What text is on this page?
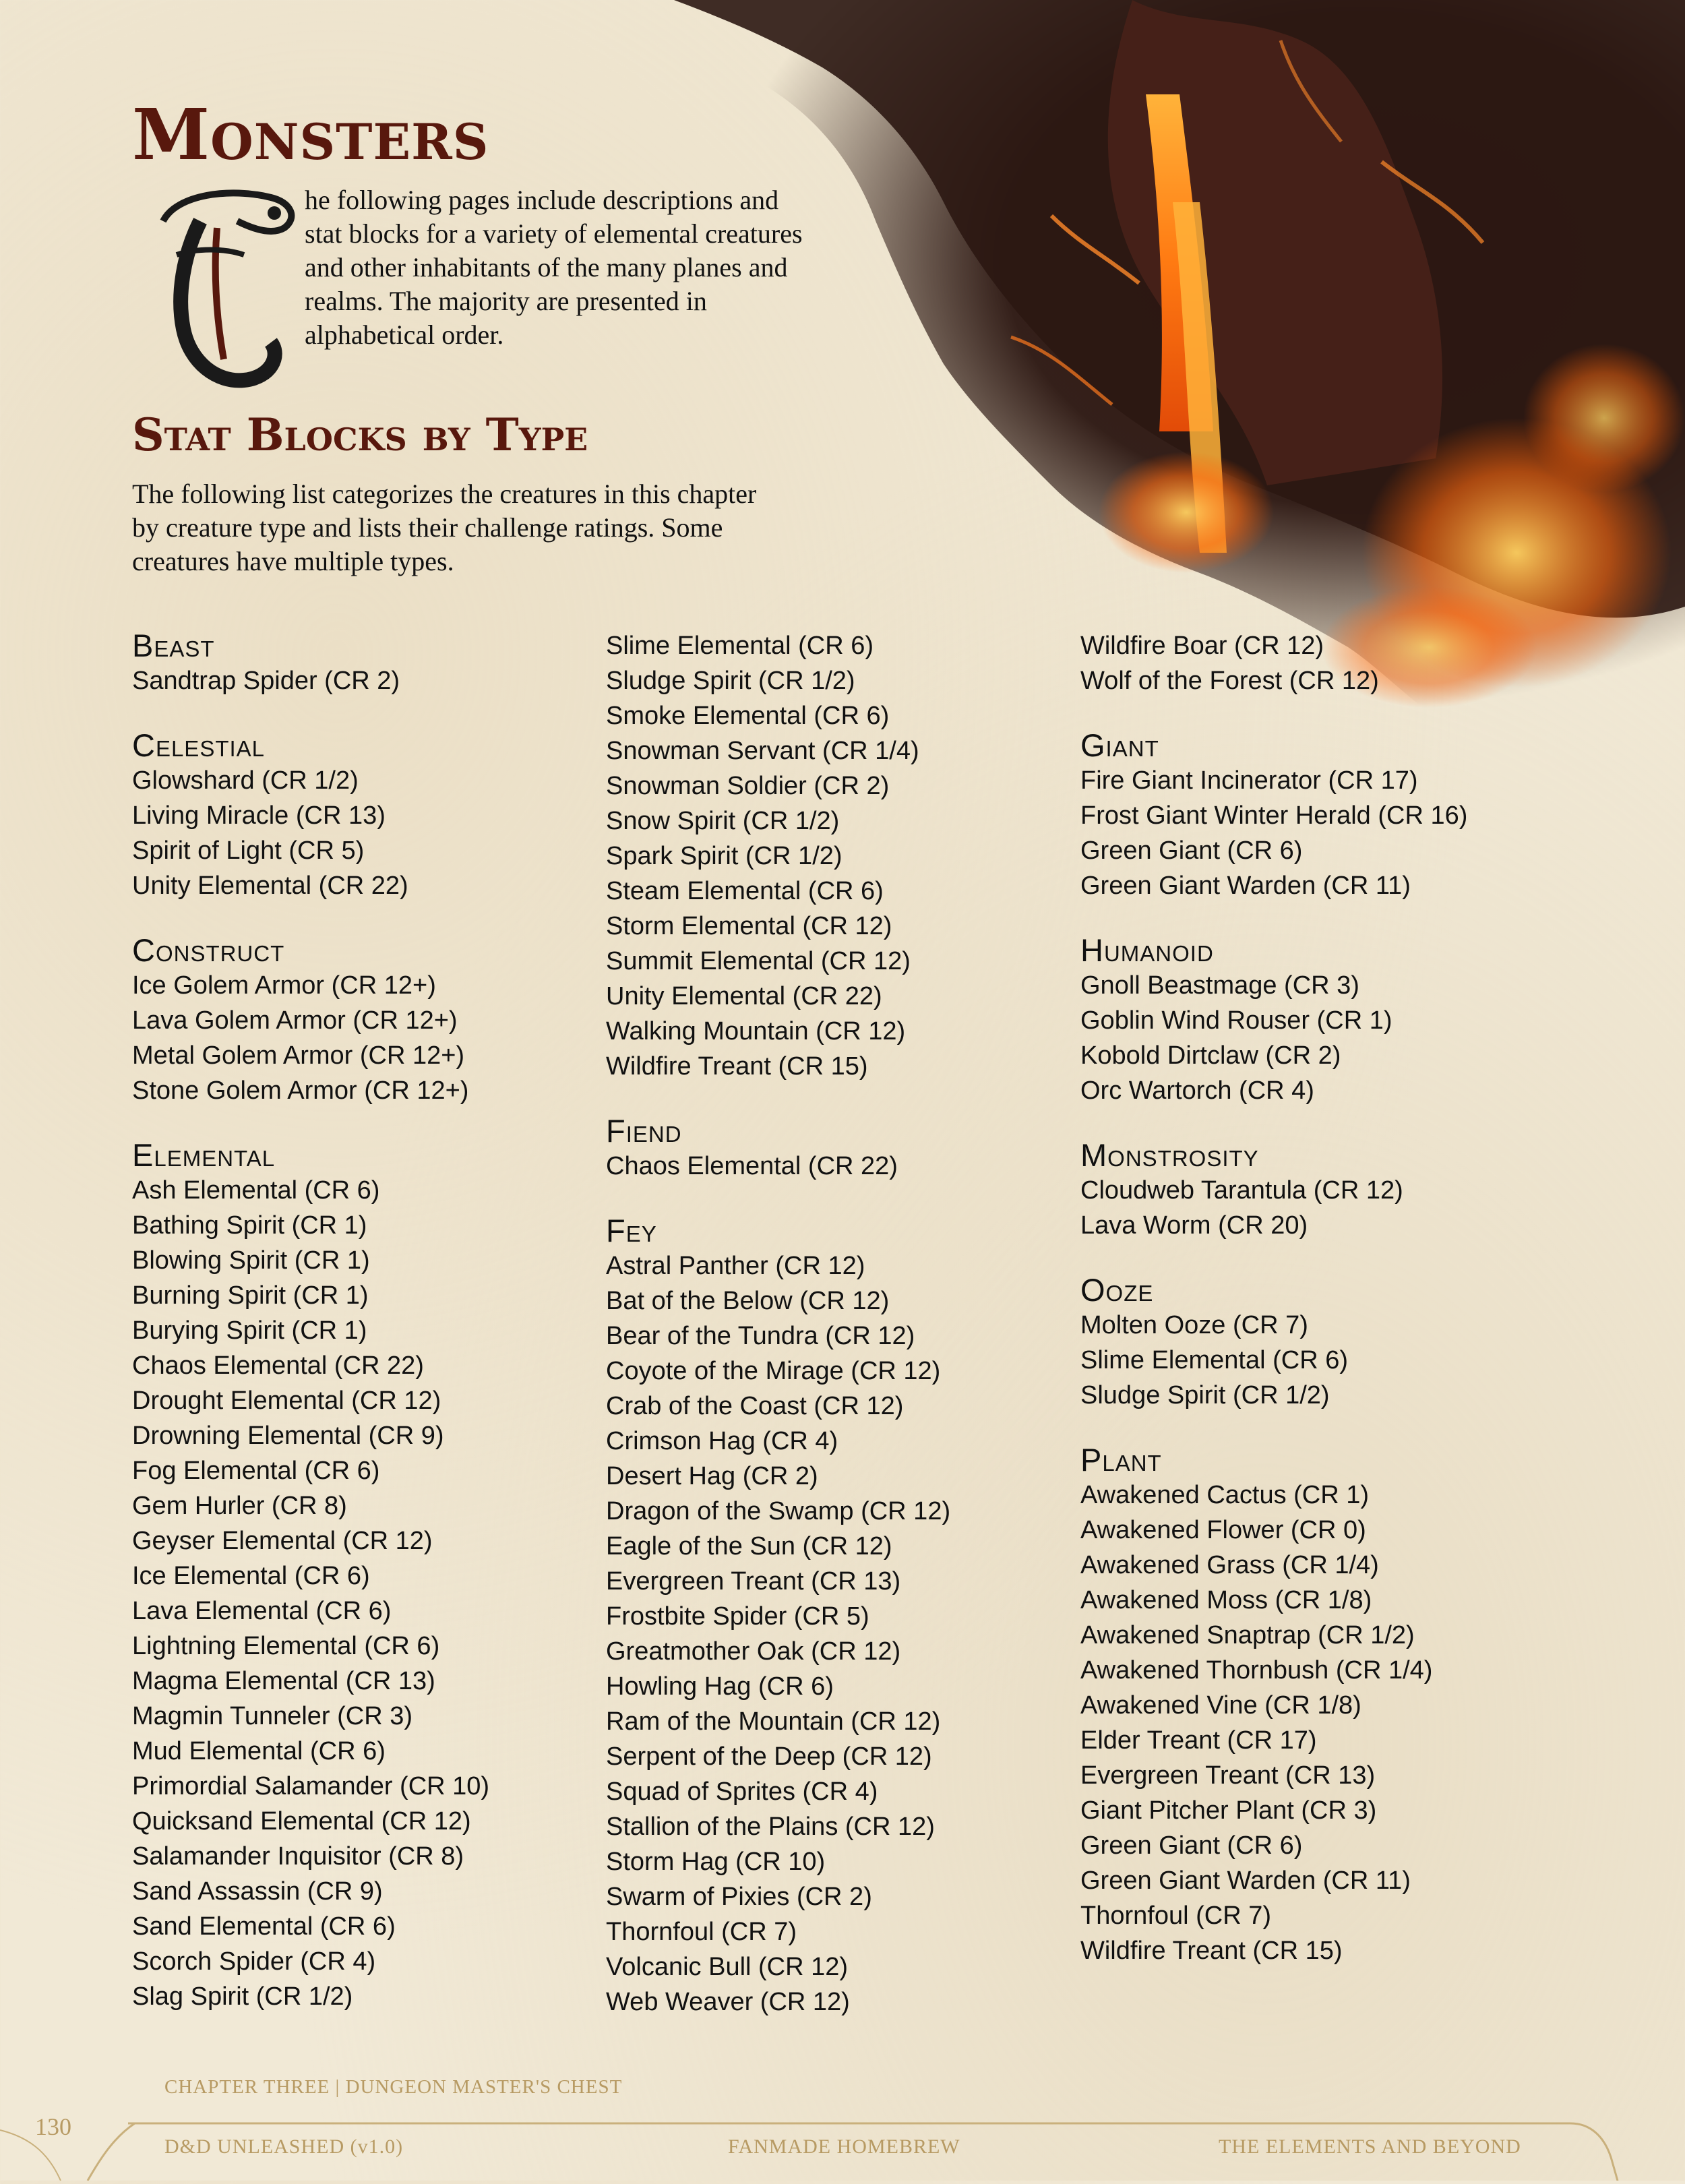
Monsters

he following pages include descriptions and stat blocks for a variety of elemental creatures and other inhabitants of the many planes and realms. The majority are presented in alphabetical order.

Stat Blocks by Type

The following list categorizes the creatures in this chapter by creature type and lists their challenge ratings. Some creatures have multiple types.

Beast
Sandtrap Spider (CR 2)
Celestial
Glowshard (CR 1/2)
Living Miracle (CR 13)
Spirit of Light (CR 5)
Unity Elemental (CR 22)
Construct
Ice Golem Armor (CR 12+)
Lava Golem Armor (CR 12+)
Metal Golem Armor (CR 12+)
Stone Golem Armor (CR 12+)
Elemental
Ash Elemental (CR 6)
Bathing Spirit (CR 1)
Blowing Spirit (CR 1)
Burning Spirit (CR 1)
Burying Spirit (CR 1)
Chaos Elemental (CR 22)
Drought Elemental (CR 12)
Drowning Elemental (CR 9)
Fog Elemental (CR 6)
Gem Hurler (CR 8)
Geyser Elemental (CR 12)
Ice Elemental (CR 6)
Lava Elemental (CR 6)
Lightning Elemental (CR 6)
Magma Elemental (CR 13)
Magmin Tunneler (CR 3)
Mud Elemental (CR 6)
Primordial Salamander (CR 10)
Quicksand Elemental (CR 12)
Salamander Inquisitor (CR 8)
Sand Assassin (CR 9)
Sand Elemental (CR 6)
Scorch Spider (CR 4)
Slag Spirit (CR 1/2)
Slime Elemental (CR 6)
Sludge Spirit (CR 1/2)
Smoke Elemental (CR 6)
Snowman Servant (CR 1/4)
Snowman Soldier (CR 2)
Snow Spirit (CR 1/2)
Spark Spirit (CR 1/2)
Steam Elemental (CR 6)
Storm Elemental (CR 12)
Summit Elemental (CR 12)
Unity Elemental (CR 22)
Walking Mountain (CR 12)
Wildfire Treant (CR 15)
Fiend
Chaos Elemental (CR 22)
Fey
Astral Panther (CR 12)
Bat of the Below (CR 12)
Bear of the Tundra (CR 12)
Coyote of the Mirage (CR 12)
Crab of the Coast (CR 12)
Crimson Hag (CR 4)
Desert Hag (CR 2)
Dragon of the Swamp (CR 12)
Eagle of the Sun (CR 12)
Evergreen Treant (CR 13)
Frostbite Spider (CR 5)
Greatmother Oak (CR 12)
Howling Hag (CR 6)
Ram of the Mountain (CR 12)
Serpent of the Deep (CR 12)
Squad of Sprites (CR 4)
Stallion of the Plains (CR 12)
Storm Hag (CR 10)
Swarm of Pixies (CR 2)
Thornfoul (CR 7)
Volcanic Bull (CR 12)
Web Weaver (CR 12)
Wildfire Boar (CR 12)
Wolf of the Forest (CR 12)
Giant
Fire Giant Incinerator (CR 17)
Frost Giant Winter Herald (CR 16)
Green Giant (CR 6)
Green Giant Warden (CR 11)
Humanoid
Gnoll Beastmage (CR 3)
Goblin Wind Rouser (CR 1)
Kobold Dirtclaw (CR 2)
Orc Wartorch (CR 4)
Monstrosity
Cloudweb Tarantula (CR 12)
Lava Worm (CR 20)
Ooze
Molten Ooze (CR 7)
Slime Elemental (CR 6)
Sludge Spirit (CR 1/2)
Plant
Awakened Cactus (CR 1)
Awakened Flower (CR 0)
Awakened Grass (CR 1/4)
Awakened Moss (CR 1/8)
Awakened Snaptrap (CR 1/2)
Awakened Thornbush (CR 1/4)
Awakened Vine (CR 1/8)
Elder Treant (CR 17)
Evergreen Treant (CR 13)
Giant Pitcher Plant (CR 3)
Green Giant (CR 6)
Green Giant Warden (CR 11)
Thornfoul (CR 7)
Wildfire Treant (CR 15)

CHAPTER THREE | DUNGEON MASTER'S CHEST

130
D&D UNLEASHED (v1.0)	FANMADE HOMEBREW	THE ELEMENTS AND BEYOND
